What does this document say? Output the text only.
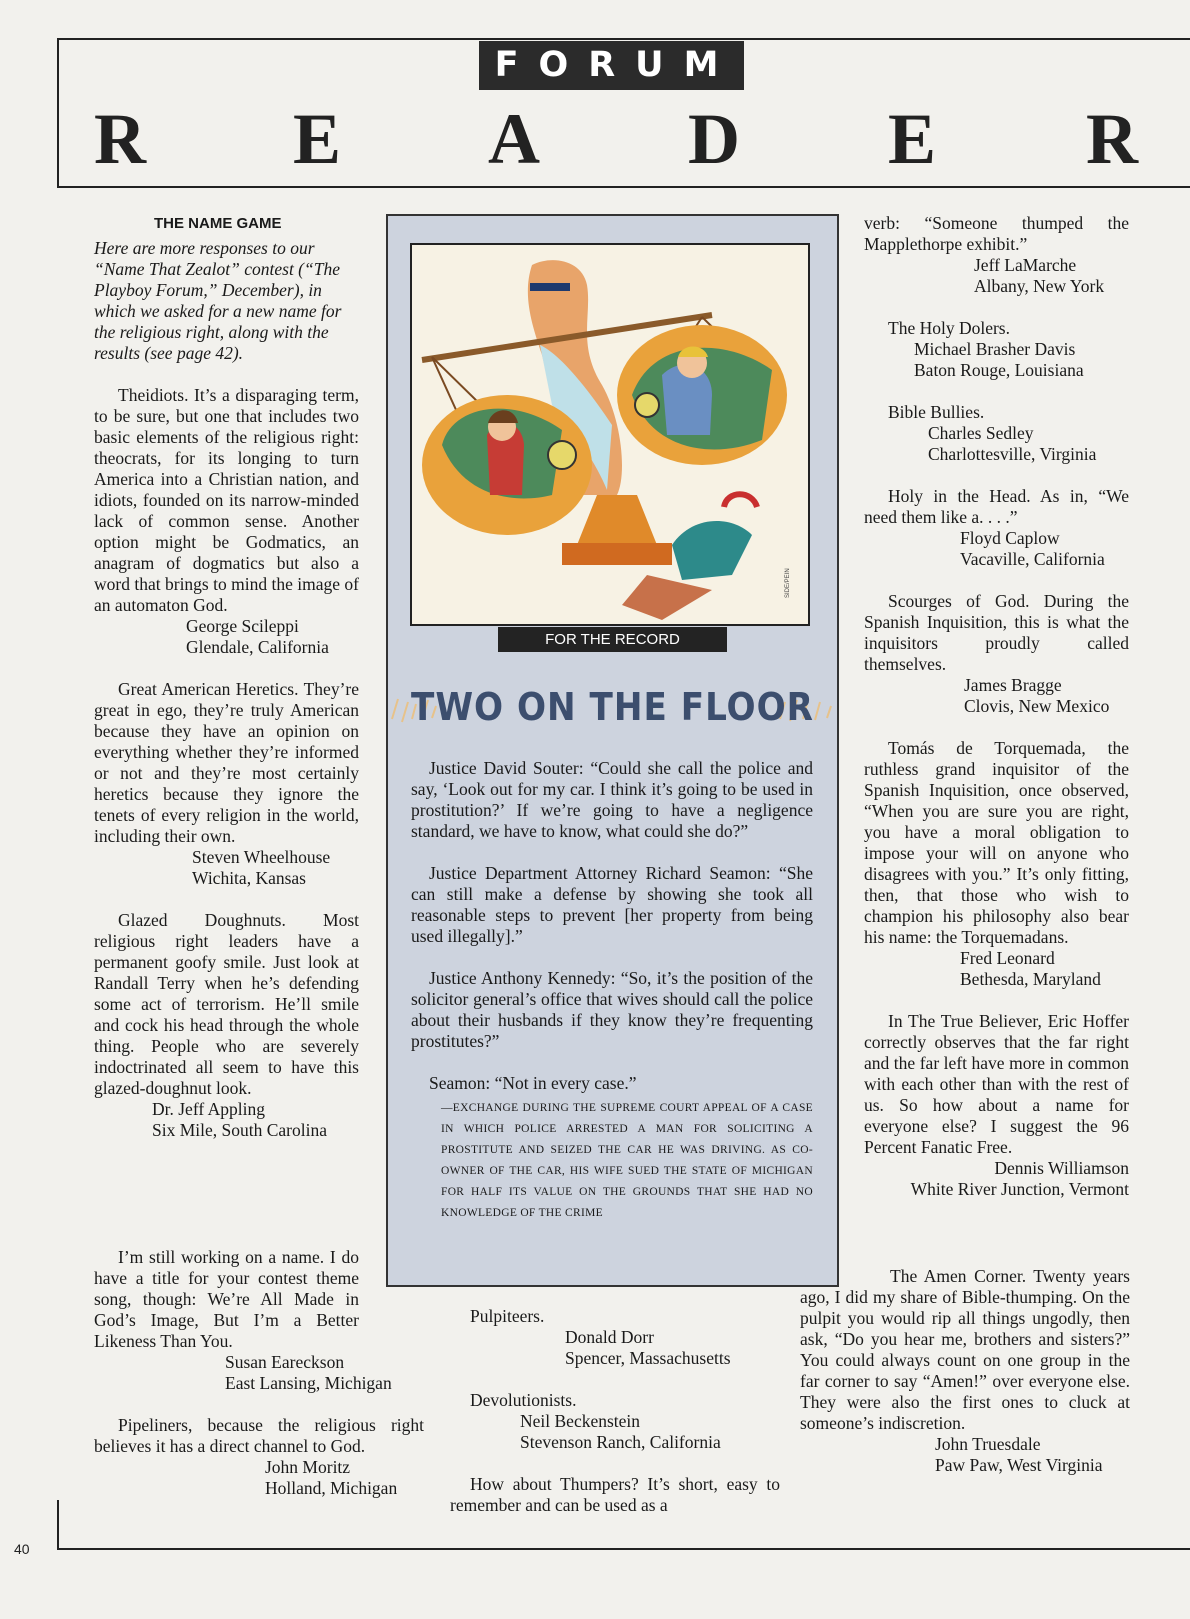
FORUM
R E A D E R

THE NAME GAME

Here are more responses to our “Name That Zealot” contest (“The Playboy Forum,” December), in which we asked for a new name for the religious right, along with the results (see page 42).

Theidiots. It’s a disparaging term, to be sure, but one that includes two basic elements of the religious right: theocrats, for its longing to turn America into a Christian nation, and idiots, founded on its narrow-minded lack of common sense. Another option might be Godmatics, an anagram of dogmatics but also a word that brings to mind the image of an automaton God.

George Scileppi
Glendale, California

Great American Heretics. They’re great in ego, they’re truly American because they have an opinion on everything whether they’re informed or not and they’re most certainly heretics because they ignore the tenets of every religion in the world, including their own.

Steven Wheelhouse
Wichita, Kansas

Glazed Doughnuts. Most religious right leaders have a permanent goofy smile. Just look at Randall Terry when he’s defending some act of terrorism. He’ll smile and cock his head through the whole thing. People who are severely indoctrinated all seem to have this glazed-doughnut look.

Dr. Jeff Appling
Six Mile, South Carolina

I’m still working on a name. I do have a title for your contest theme song, though: We’re All Made in God’s Image, But I’m a Better Likeness Than You.

Susan Eareckson
East Lansing, Michigan

Pipeliners, because the religious right believes it has a direct channel to God.

John Moritz
Holland, Michigan
SIDE/PEIN
FOR THE RECORD
TWO ON THE FLOOR

Justice David Souter: “Could she call the police and say, ‘Look out for my car. I think it’s going to be used in prostitution?’ If we’re going to have a negligence standard, we have to know, what could she do?”

Justice Department Attorney Richard Seamon: “She can still make a defense by showing she took all reasonable steps to prevent [her property from being used illegally].”

Justice Anthony Kennedy: “So, it’s the position of the solicitor general’s office that wives should call the police about their husbands if they know they’re frequenting prostitutes?”

Seamon: “Not in every case.”

—EXCHANGE DURING THE SUPREME COURT APPEAL OF A CASE IN WHICH POLICE ARRESTED A MAN FOR SOLICITING A PROSTITUTE AND SEIZED THE CAR HE WAS DRIVING. AS CO-OWNER OF THE CAR, HIS WIFE SUED THE STATE OF MICHIGAN FOR HALF ITS VALUE ON THE GROUNDS THAT SHE HAD NO KNOWLEDGE OF THE CRIME

Pulpiteers.

Donald Dorr
Spencer, Massachusetts

Devolutionists.

Neil Beckenstein
Stevenson Ranch, California

How about Thumpers? It’s short, easy to remember and can be used as a

verb: “Someone thumped the Mapplethorpe exhibit.”

Jeff LaMarche
Albany, New York

The Holy Dolers.

Michael Brasher Davis
Baton Rouge, Louisiana

Bible Bullies.

Charles Sedley
Charlottesville, Virginia

Holy in the Head. As in, “We need them like a. . . .”

Floyd Caplow
Vacaville, California

Scourges of God. During the Spanish Inquisition, this is what the inquisitors proudly called themselves.

James Bragge
Clovis, New Mexico

Tomás de Torquemada, the ruthless grand inquisitor of the Spanish Inquisition, once observed, “When you are sure you are right, you have a moral obligation to impose your will on anyone who disagrees with you.” It’s only fitting, then, that those who wish to champion his philosophy also bear his name: the Torquemadans.

Fred Leonard
Bethesda, Maryland

In The True Believer, Eric Hoffer correctly observes that the far right and the far left have more in common with each other than with the rest of us. So how about a name for everyone else? I suggest the 96 Percent Fanatic Free.

Dennis Williamson
White River Junction, Vermont

The Amen Corner. Twenty years ago, I did my share of Bible-thumping. On the pulpit you would rip all things ungodly, then ask, “Do you hear me, brothers and sisters?” You could always count on one group in the far corner to say “Amen!” over everyone else. They were also the first ones to cluck at someone’s indiscretion.

John Truesdale
Paw Paw, West Virginia
40
